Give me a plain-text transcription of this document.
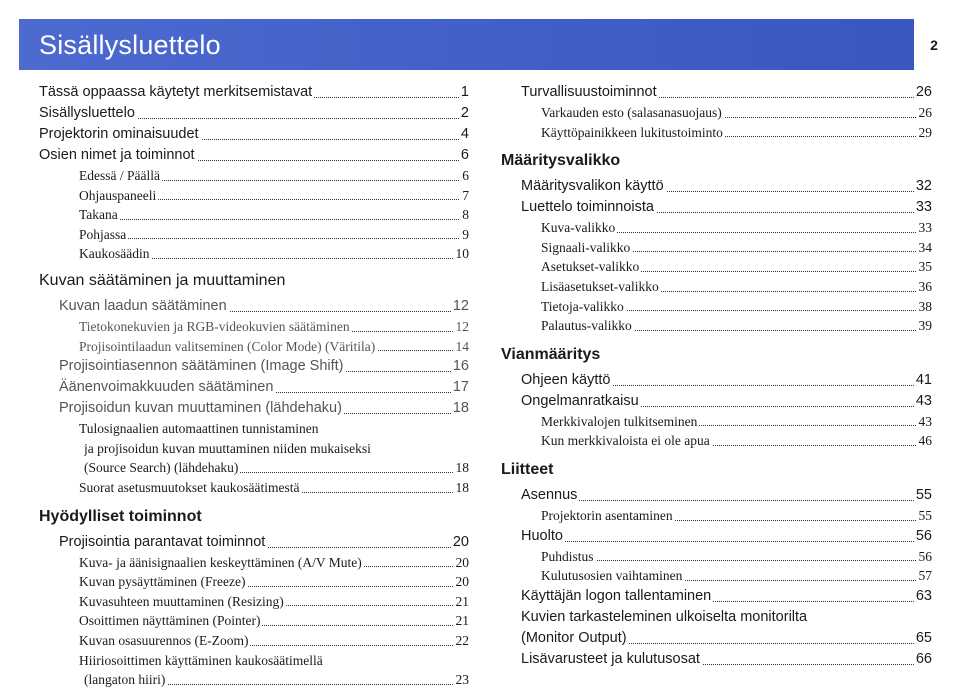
Sisällysluettelo	2
Tässä oppaassa käytetyt merkitsemistavat	1
Sisällysluettelo	2
Projektorin ominaisuudet	4
Osien nimet ja toiminnot	6
Edessä / Päällä	6
Ohjauspaneeli	7
Takana	8
Pohjassa	9
Kaukosäädin	10
Kuvan säätäminen ja muuttaminen
Kuvan laadun säätäminen	12
Tietokonekuvien ja RGB-videokuvien säätäminen	12
Projisointilaadun valitseminen (Color Mode) (Väritila)	14
Projisointiasennon säätäminen (Image Shift)	16
Äänenvoimakkuuden säätäminen	17
Projisoidun kuvan muuttaminen (lähdehaku)	18
Tulosignaalien automaattinen tunnistaminen
ja projisoidun kuvan muuttaminen niiden mukaiseksi
(Source Search) (lähdehaku)	18
Suorat asetusmuutokset kaukosäätimestä	18
Hyödylliset toiminnot
Projisointia parantavat toiminnot	20
Kuva- ja äänisignaalien keskeyttäminen (A/V Mute)	20
Kuvan pysäyttäminen (Freeze)	20
Kuvasuhteen muuttaminen (Resizing)	21
Osoittimen näyttäminen (Pointer)	21
Kuvan osasuurennos (E-Zoom)	22
Hiiriosoittimen käyttäminen kaukosäätimellä
(langaton hiiri)	23
Turvallisuustoiminnot	26
Varkauden esto (salasanasuojaus)	26
Käyttöpainikkeen lukitustoiminto	29
Määritysvalikko
Määritysvalikon käyttö	32
Luettelo toiminnoista	33
Kuva-valikko	33
Signaali-valikko	34
Asetukset-valikko	35
Lisäasetukset-valikko	36
Tietoja-valikko	38
Palautus-valikko	39
Vianmääritys
Ohjeen käyttö	41
Ongelmanratkaisu	43
Merkkivalojen tulkitseminen	43
Kun merkkivaloista ei ole apua	46
Liitteet
Asennus	55
Projektorin asentaminen	55
Huolto	56
Puhdistus	56
Kulutusosien vaihtaminen	57
Käyttäjän logon tallentaminen	63
Kuvien tarkasteleminen ulkoiselta monitorilta
(Monitor Output)	65
Lisävarusteet ja kulutusosat	66
